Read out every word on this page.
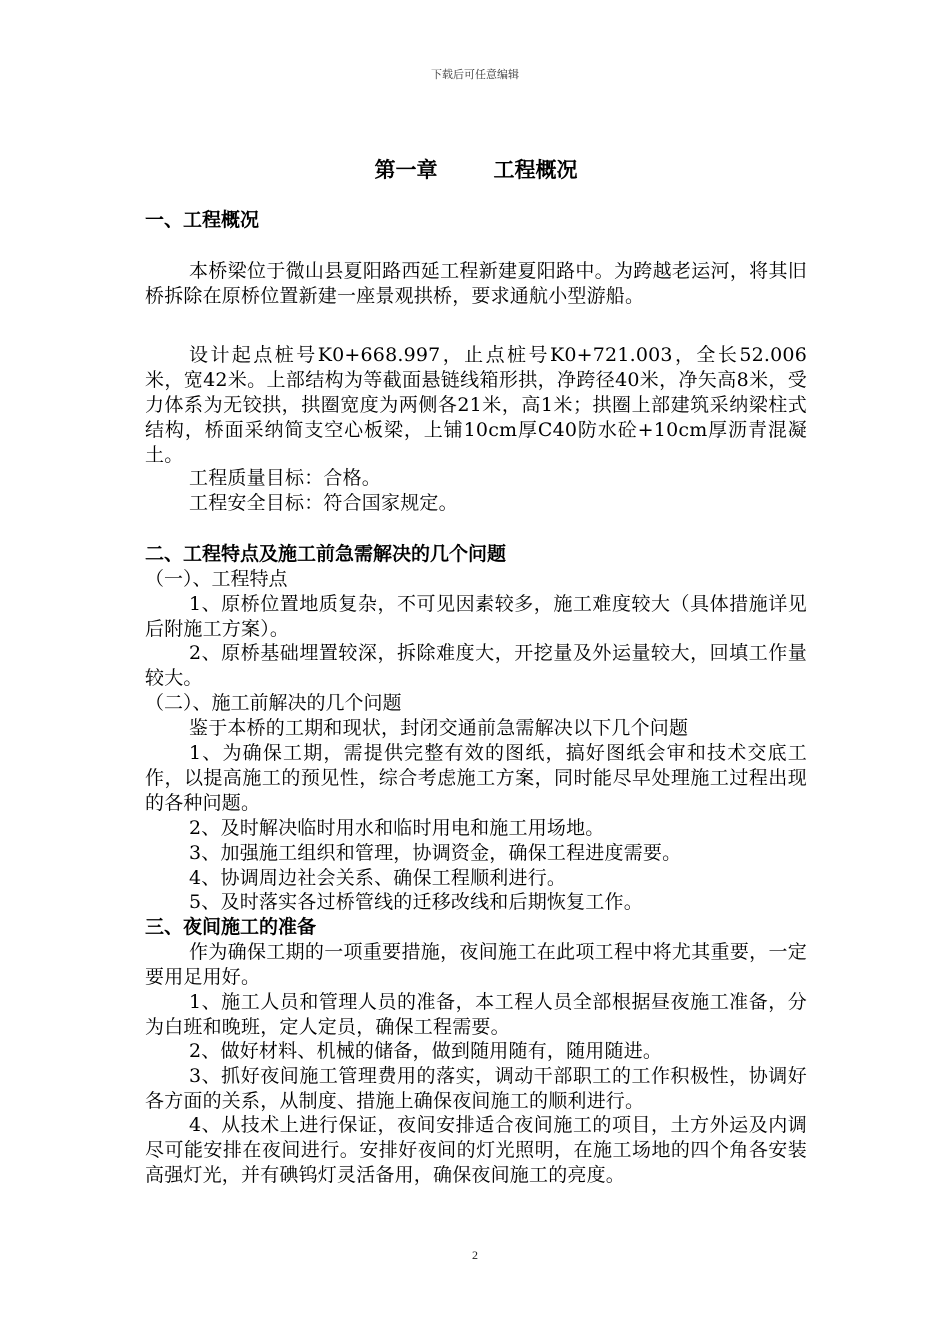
下载后可任意编辑
第一章	工程概况
一、工程概况

本桥梁位于微山县夏阳路西延工程新建夏阳路中。为跨越老运河，将其旧桥拆除在原桥位置新建一座景观拱桥，要求通航小型游船。

设计起点桩号K0+668.997，止点桩号K0+721.003，全长52.006米，宽42米。上部结构为等截面悬链线箱形拱，净跨径40米，净矢高8米，受力体系为无铰拱，拱圈宽度为两侧各21米，高1米；拱圈上部建筑采纳梁柱式结构，桥面采纳简支空心板梁，上铺10cm厚C40防水砼+10cm厚沥青混凝土。

工程质量目标：合格。

工程安全目标：符合国家规定。

二、工程特点及施工前急需解决的几个问题
（一）、工程特点

1、原桥位置地质复杂，不可见因素较多，施工难度较大（具体措施详见后附施工方案）。

2、原桥基础埋置较深，拆除难度大，开挖量及外运量较大，回填工作量较大。

（二）、施工前解决的几个问题

鉴于本桥的工期和现状，封闭交通前急需解决以下几个问题

1、为确保工期，需提供完整有效的图纸，搞好图纸会审和技术交底工作，以提高施工的预见性，综合考虑施工方案，同时能尽早处理施工过程出现的各种问题。

2、及时解决临时用水和临时用电和施工用场地。

3、加强施工组织和管理，协调资金，确保工程进度需要。

4、协调周边社会关系、确保工程顺利进行。

5、及时落实各过桥管线的迁移改线和后期恢复工作。

三、夜间施工的准备

作为确保工期的一项重要措施，夜间施工在此项工程中将尤其重要，一定要用足用好。

1、施工人员和管理人员的准备，本工程人员全部根据昼夜施工准备，分为白班和晚班，定人定员，确保工程需要。

2、做好材料、机械的储备，做到随用随有，随用随进。

3、抓好夜间施工管理费用的落实，调动干部职工的工作积极性，协调好各方面的关系，从制度、措施上确保夜间施工的顺利进行。

4、从技术上进行保证，夜间安排适合夜间施工的项目，土方外运及内调尽可能安排在夜间进行。安排好夜间的灯光照明，在施工场地的四个角各安装高强灯光，并有碘钨灯灵活备用，确保夜间施工的亮度。

2
